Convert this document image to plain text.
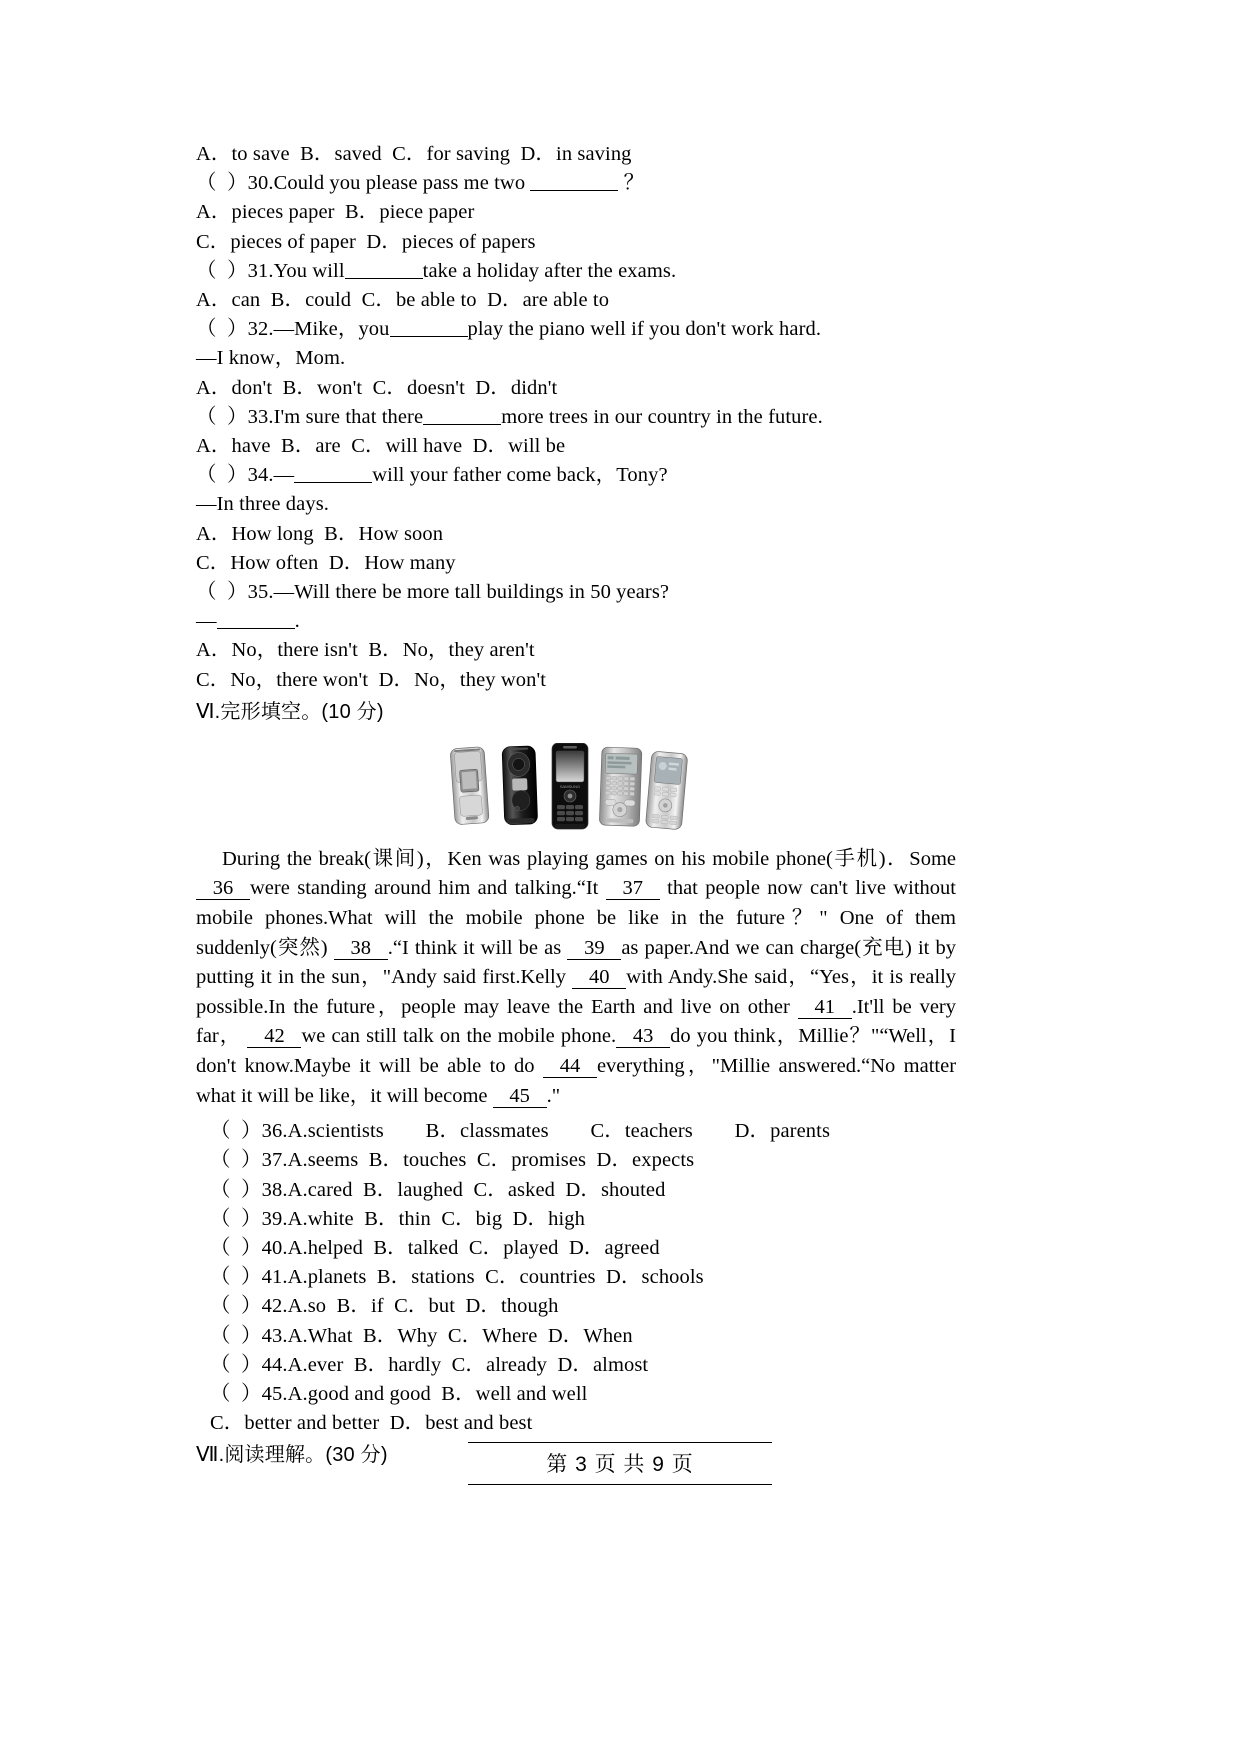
A．to save  B．saved  C．for saving  D．in saving
（  ）30.Could you please pass me two	？
A．pieces paper  B．piece paper
C．pieces of paper  D．pieces of papers
（  ）31.You will	take a holiday after the exams.
A．can  B．could  C．be able to  D．are able to
（  ）32.—Mike，you	play the piano well if you don't work hard.
—I know，Mom.
A．don't  B．won't  C．doesn't  D．didn't
（  ）33.I'm sure that there	more trees in our country in the future.
A．have  B．are  C．will have  D．will be
（  ）34.—	will your father come back，Tony?
—In three days.
A．How long  B．How soon
C．How often  D．How many
（  ）35.—Will there be more tall buildings in 50 years?
—	.
A．No，there isn't  B．No，they aren't
C．No，there won't  D．No，they won't
Ⅵ.完形填空。(10 分)
SAMSUNG
During the break(课间)，Ken was playing games on his mobile phone(手机)．Some 36 were standing around him and talking.“It 37 that people now can't live without mobile phones.What will the mobile phone be like in the future？" One of them suddenly(突然) 38 .“I think it will be as 39 as paper.And we can charge(充电) it by putting it in the sun，"Andy said first.Kelly 40 with Andy.She said，“Yes，it is really possible.In the future，people may leave the Earth and live on other 41 .It'll be very far， 42 we can still talk on the mobile phone. 43 do you think，Millie？"“Well，I don't know.Maybe it will be able to do 44 everything，"Millie answered.“No matter what it will be like，it will become 45 ."
（  ）36.A.scientists        B．classmates        C．teachers        D．parents
（  ）37.A.seems  B．touches  C．promises  D．expects
（  ）38.A.cared  B．laughed  C．asked  D．shouted
（  ）39.A.white  B．thin  C．big  D．high
（  ）40.A.helped  B．talked  C．played  D．agreed
（  ）41.A.planets  B．stations  C．countries  D．schools
（  ）42.A.so  B．if  C．but  D．though
（  ）43.A.What  B．Why  C．Where  D．When
（  ）44.A.ever  B．hardly  C．already  D．almost
（  ）45.A.good and good  B．well and well
C．better and better  D．best and best
Ⅶ.阅读理解。(30 分)	第 3 页 共 9 页
